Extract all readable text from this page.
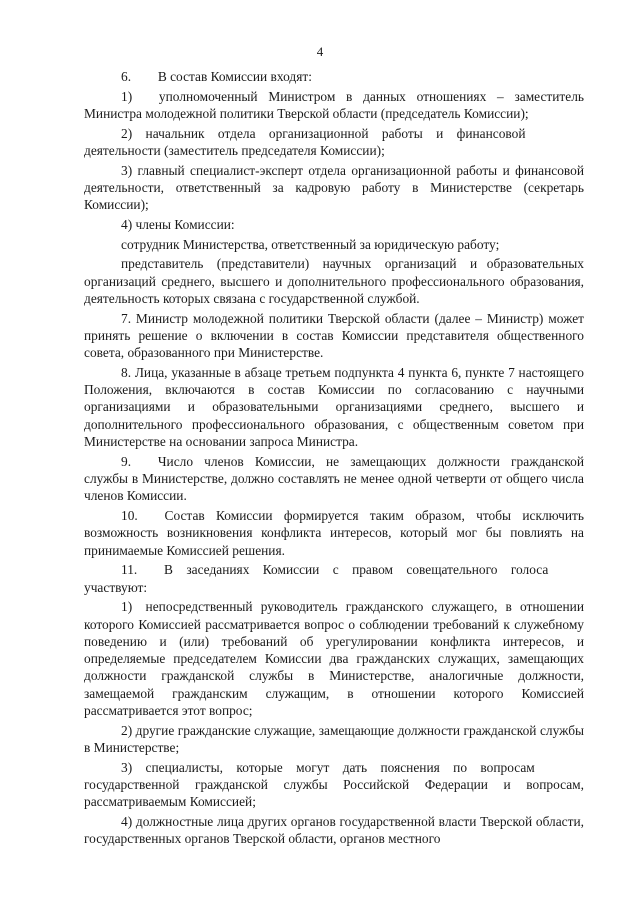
4

6.  В состав Комиссии входят:

1)  уполномоченный Министром в данных отношениях – заместитель Министра молодежной политики Тверской области (председатель Комиссии);

2) начальник отдела организационной работы и финансовой деятельности (заместитель председателя Комиссии);

3) главный специалист-эксперт отдела организационной работы и финансовой деятельности, ответственный за кадровую работу в Министерстве (секретарь Комиссии);

4) члены Комиссии:

сотрудник Министерства, ответственный за юридическую работу;

представитель (представители) научных организаций и образовательных организаций среднего, высшего и дополнительного профессионального образования, деятельность которых связана с государственной службой.

7. Министр молодежной политики Тверской области (далее – Министр) может принять решение о включении в состав Комиссии представителя общественного совета, образованного при Министерстве.

8. Лица, указанные в абзаце третьем подпункта 4 пункта 6, пункте 7 настоящего Положения, включаются в состав Комиссии по согласованию с научными организациями и образовательными организациями среднего, высшего и дополнительного профессионального образования, с общественным советом при Министерстве на основании запроса Министра.

9.  Число членов Комиссии, не замещающих должности гражданской службы в Министерстве, должно составлять не менее одной четверти от общего числа членов Комиссии.

10.  Состав Комиссии формируется таким образом, чтобы исключить возможность возникновения конфликта интересов, который мог бы повлиять на принимаемые Комиссией решения.

11.  В заседаниях Комиссии с правом совещательного голоса участвуют:

1) непосредственный руководитель гражданского служащего, в отношении которого Комиссией рассматривается вопрос о соблюдении требований к служебному поведению и (или) требований об урегулировании конфликта интересов, и определяемые председателем Комиссии два гражданских служащих, замещающих должности гражданской службы в Министерстве, аналогичные должности, замещаемой гражданским служащим, в отношении которого Комиссией рассматривается этот вопрос;

2) другие гражданские служащие, замещающие должности гражданской службы в Министерстве;

3) специалисты, которые могут дать пояснения по вопросам государственной гражданской службы Российской Федерации и вопросам, рассматриваемым Комиссией;

4) должностные лица других органов государственной власти Тверской области, государственных органов Тверской области, органов местного
